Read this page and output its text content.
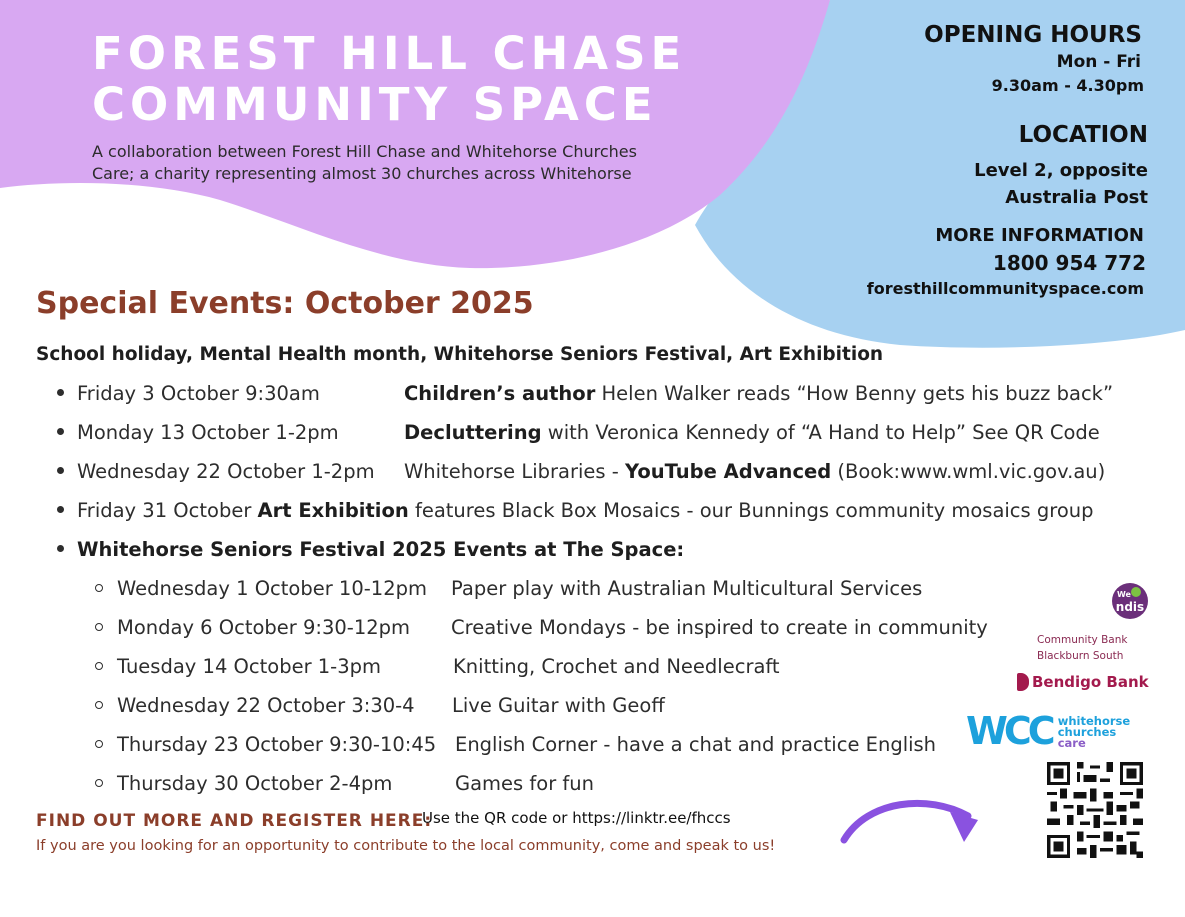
FOREST HILL CHASE
COMMUNITY SPACE
A collaboration between Forest Hill Chase and Whitehorse Churches
Care; a charity representing almost 30 churches across Whitehorse
OPENING HOURS
Mon - Fri
9.30am - 4.30pm
LOCATION
Level 2, opposite
Australia Post
MORE INFORMATION
1800 954 772
foresthillcommunityspace.com
Special Events: October 2025
School holiday, Mental Health month, Whitehorse Seniors Festival, Art Exhibition
Friday 3 October 9:30am	Children’s author Helen Walker reads “How Benny gets his buzz back”
Monday 13 October 1-2pm	Decluttering with Veronica Kennedy of “A Hand to Help” See QR Code
Wednesday 22 October 1-2pm Whitehorse Libraries - YouTube Advanced (Book:www.wml.vic.gov.au)
Friday 31 October Art Exhibition features Black Box Mosaics - our Bunnings community mosaics group
Whitehorse Seniors Festival 2025 Events at The Space:
Wednesday 1 October 10-12pm Paper play with Australian Multicultural Services
Monday 6 October 9:30-12pm Creative Mondays - be inspired to create in community
Tuesday 14 October 1-3pm	Knitting, Crochet and Needlecraft
Wednesday 22 October 3:30-4 Live Guitar with Geoff
Thursday 23 October 9:30-10:45 English Corner - have a chat and practice English
Thursday 30 October 2-4pm	Games for fun
FIND OUT MORE AND REGISTER HERE:
Use the QR code or https://linktr.ee/fhccs
If you are you looking for an opportunity to contribute to the local community, come and speak to us!
We
ndis
Community Bank
Blackburn South
Bendigo Bank
WCC whitehorse
churches
care
